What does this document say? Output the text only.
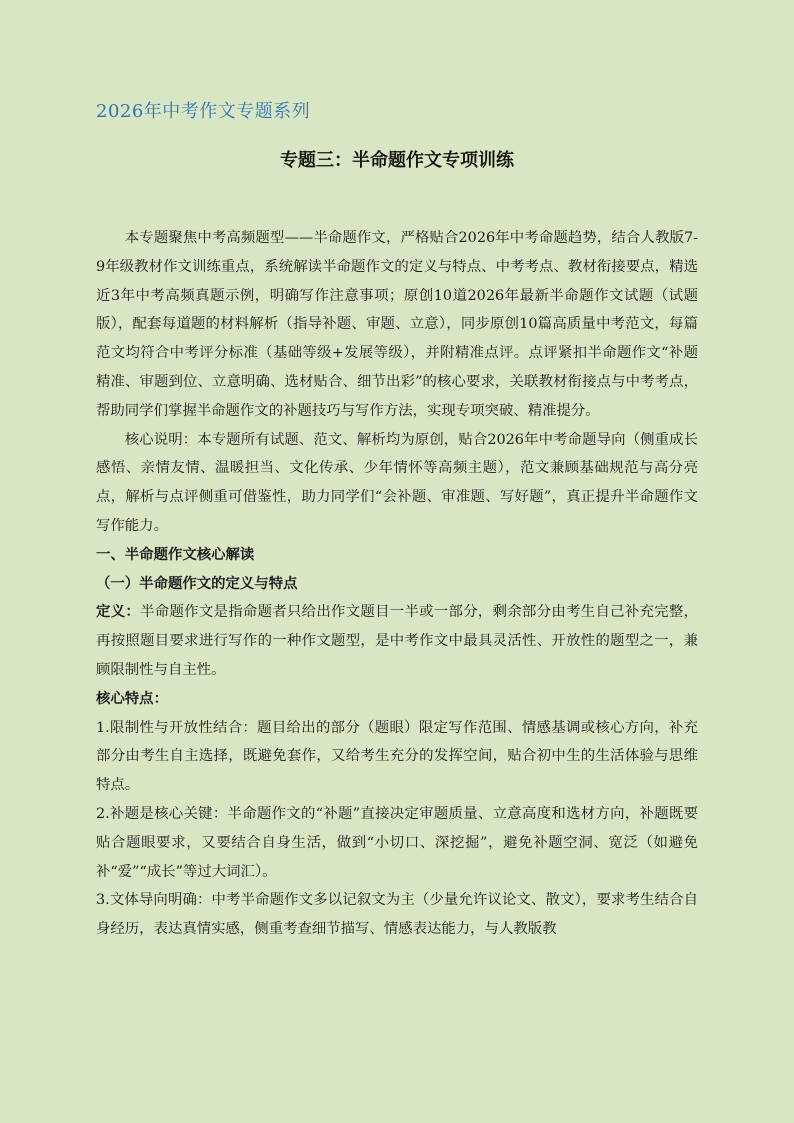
2026年中考作文专题系列
专题三：半命题作文专项训练

本专题聚焦中考高频题型——半命题作文，严格贴合2026年中考命题趋势，结合人教版7-9年级教材作文训练重点，系统解读半命题作文的定义与特点、中考考点、教材衔接要点，精选近3年中考高频真题示例，明确写作注意事项；原创10道2026年最新半命题作文试题（试题版），配套每道题的材料解析（指导补题、审题、立意），同步原创10篇高质量中考范文，每篇范文均符合中考评分标准（基础等级+发展等级），并附精准点评。点评紧扣半命题作文“补题精准、审题到位、立意明确、选材贴合、细节出彩”的核心要求，关联教材衔接点与中考考点，帮助同学们掌握半命题作文的补题技巧与写作方法，实现专项突破、精准提分。

核心说明：本专题所有试题、范文、解析均为原创，贴合2026年中考命题导向（侧重成长感悟、亲情友情、温暖担当、文化传承、少年情怀等高频主题），范文兼顾基础规范与高分亮点，解析与点评侧重可借鉴性，助力同学们“会补题、审准题、写好题”，真正提升半命题作文写作能力。

一、半命题作文核心解读

（一）半命题作文的定义与特点

定义：半命题作文是指命题者只给出作文题目一半或一部分，剩余部分由考生自己补充完整，再按照题目要求进行写作的一种作文题型，是中考作文中最具灵活性、开放性的题型之一，兼顾限制性与自主性。

核心特点：

1.限制性与开放性结合：题目给出的部分（题眼）限定写作范围、情感基调或核心方向，补充部分由考生自主选择，既避免套作，又给考生充分的发挥空间，贴合初中生的生活体验与思维特点。

2.补题是核心关键：半命题作文的“补题”直接决定审题质量、立意高度和选材方向，补题既要贴合题眼要求，又要结合自身生活，做到“小切口、深挖掘”，避免补题空洞、宽泛（如避免补“爱”“成长”等过大词汇）。

3.文体导向明确：中考半命题作文多以记叙文为主（少量允许议论文、散文），要求考生结合自身经历，表达真情实感，侧重考查细节描写、情感表达能力，与人教版教
